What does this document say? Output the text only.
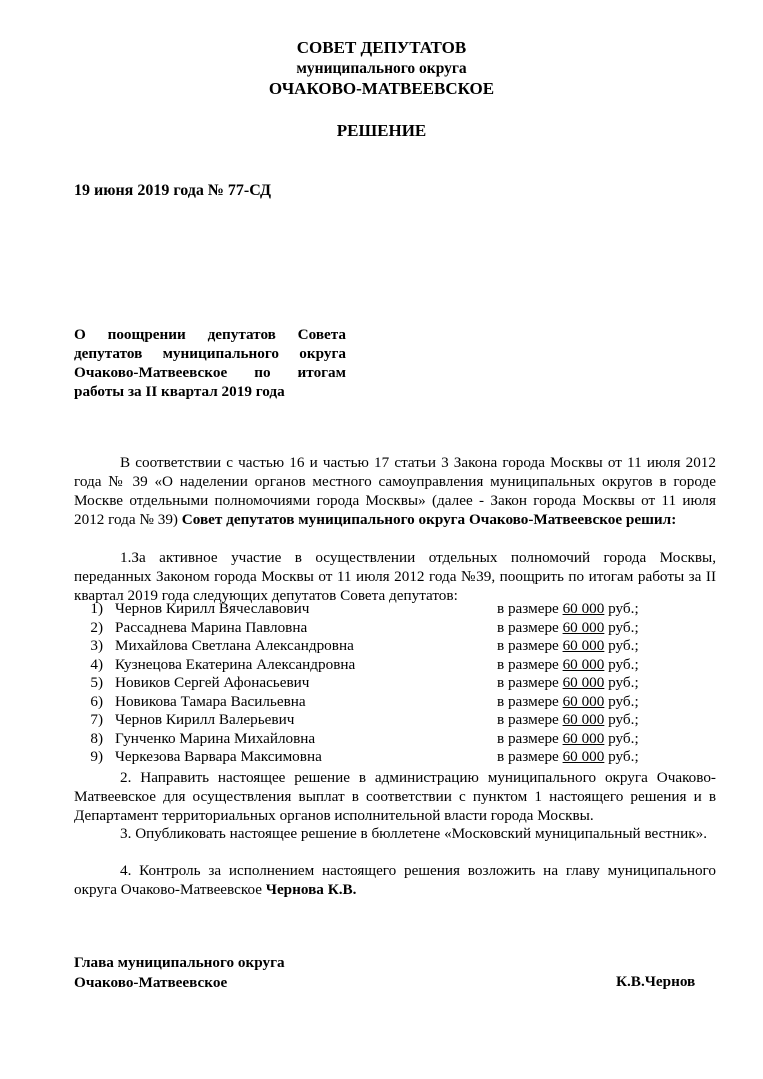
СОВЕТ ДЕПУТАТОВ
муниципального округа
ОЧАКОВО-МАТВЕЕВСКОЕ
РЕШЕНИЕ
19 июня 2019 года № 77-СД
О поощрении депутатов Совета
депутатов муниципального округа
Очаково-Матвеевское по итогам
работы за II квартал 2019 года
В соответствии с частью 16 и частью 17 статьи 3 Закона города Москвы от 11 июля 2012 года № 39 «О наделении органов местного самоуправления муниципальных округов в городе Москве отдельными полномочиями города Москвы» (далее - Закон города Москвы от 11 июля 2012 года № 39) Совет депутатов муниципального округа Очаково-Матвеевское решил:
1.За активное участие в осуществлении отдельных полномочий города Москвы, переданных Законом города Москвы от 11 июля 2012 года №39, поощрить по итогам работы за II квартал 2019 года следующих депутатов Совета депутатов:
1) Чернов Кирилл Вячеславович	в размере 60 000 руб.;
2) Рассаднева Марина Павловна	в размере 60 000 руб.;
3) Михайлова Светлана Александровна	в размере 60 000 руб.;
4) Кузнецова Екатерина Александровна	в размере 60 000 руб.;
5) Новиков Сергей Афонасьевич	в размере 60 000 руб.;
6) Новикова Тамара Васильевна	в размере 60 000 руб.;
7) Чернов Кирилл Валерьевич	в размере 60 000 руб.;
8) Гунченко Марина Михайловна	в размере 60 000 руб.;
9) Черкезова Варвара Максимовна	в размере 60 000 руб.;
2. Направить настоящее решение в администрацию муниципального округа Очаково-Матвеевское для осуществления выплат в соответствии с пунктом 1 настоящего решения и в Департамент территориальных органов исполнительной власти города Москвы.
3. Опубликовать настоящее решение в бюллетене «Московский муниципальный вестник».
4. Контроль за исполнением настоящего решения возложить на главу муниципального округа Очаково-Матвеевское Чернова К.В.
Глава муниципального округа
Очаково-Матвеевское	К.В.Чернов
